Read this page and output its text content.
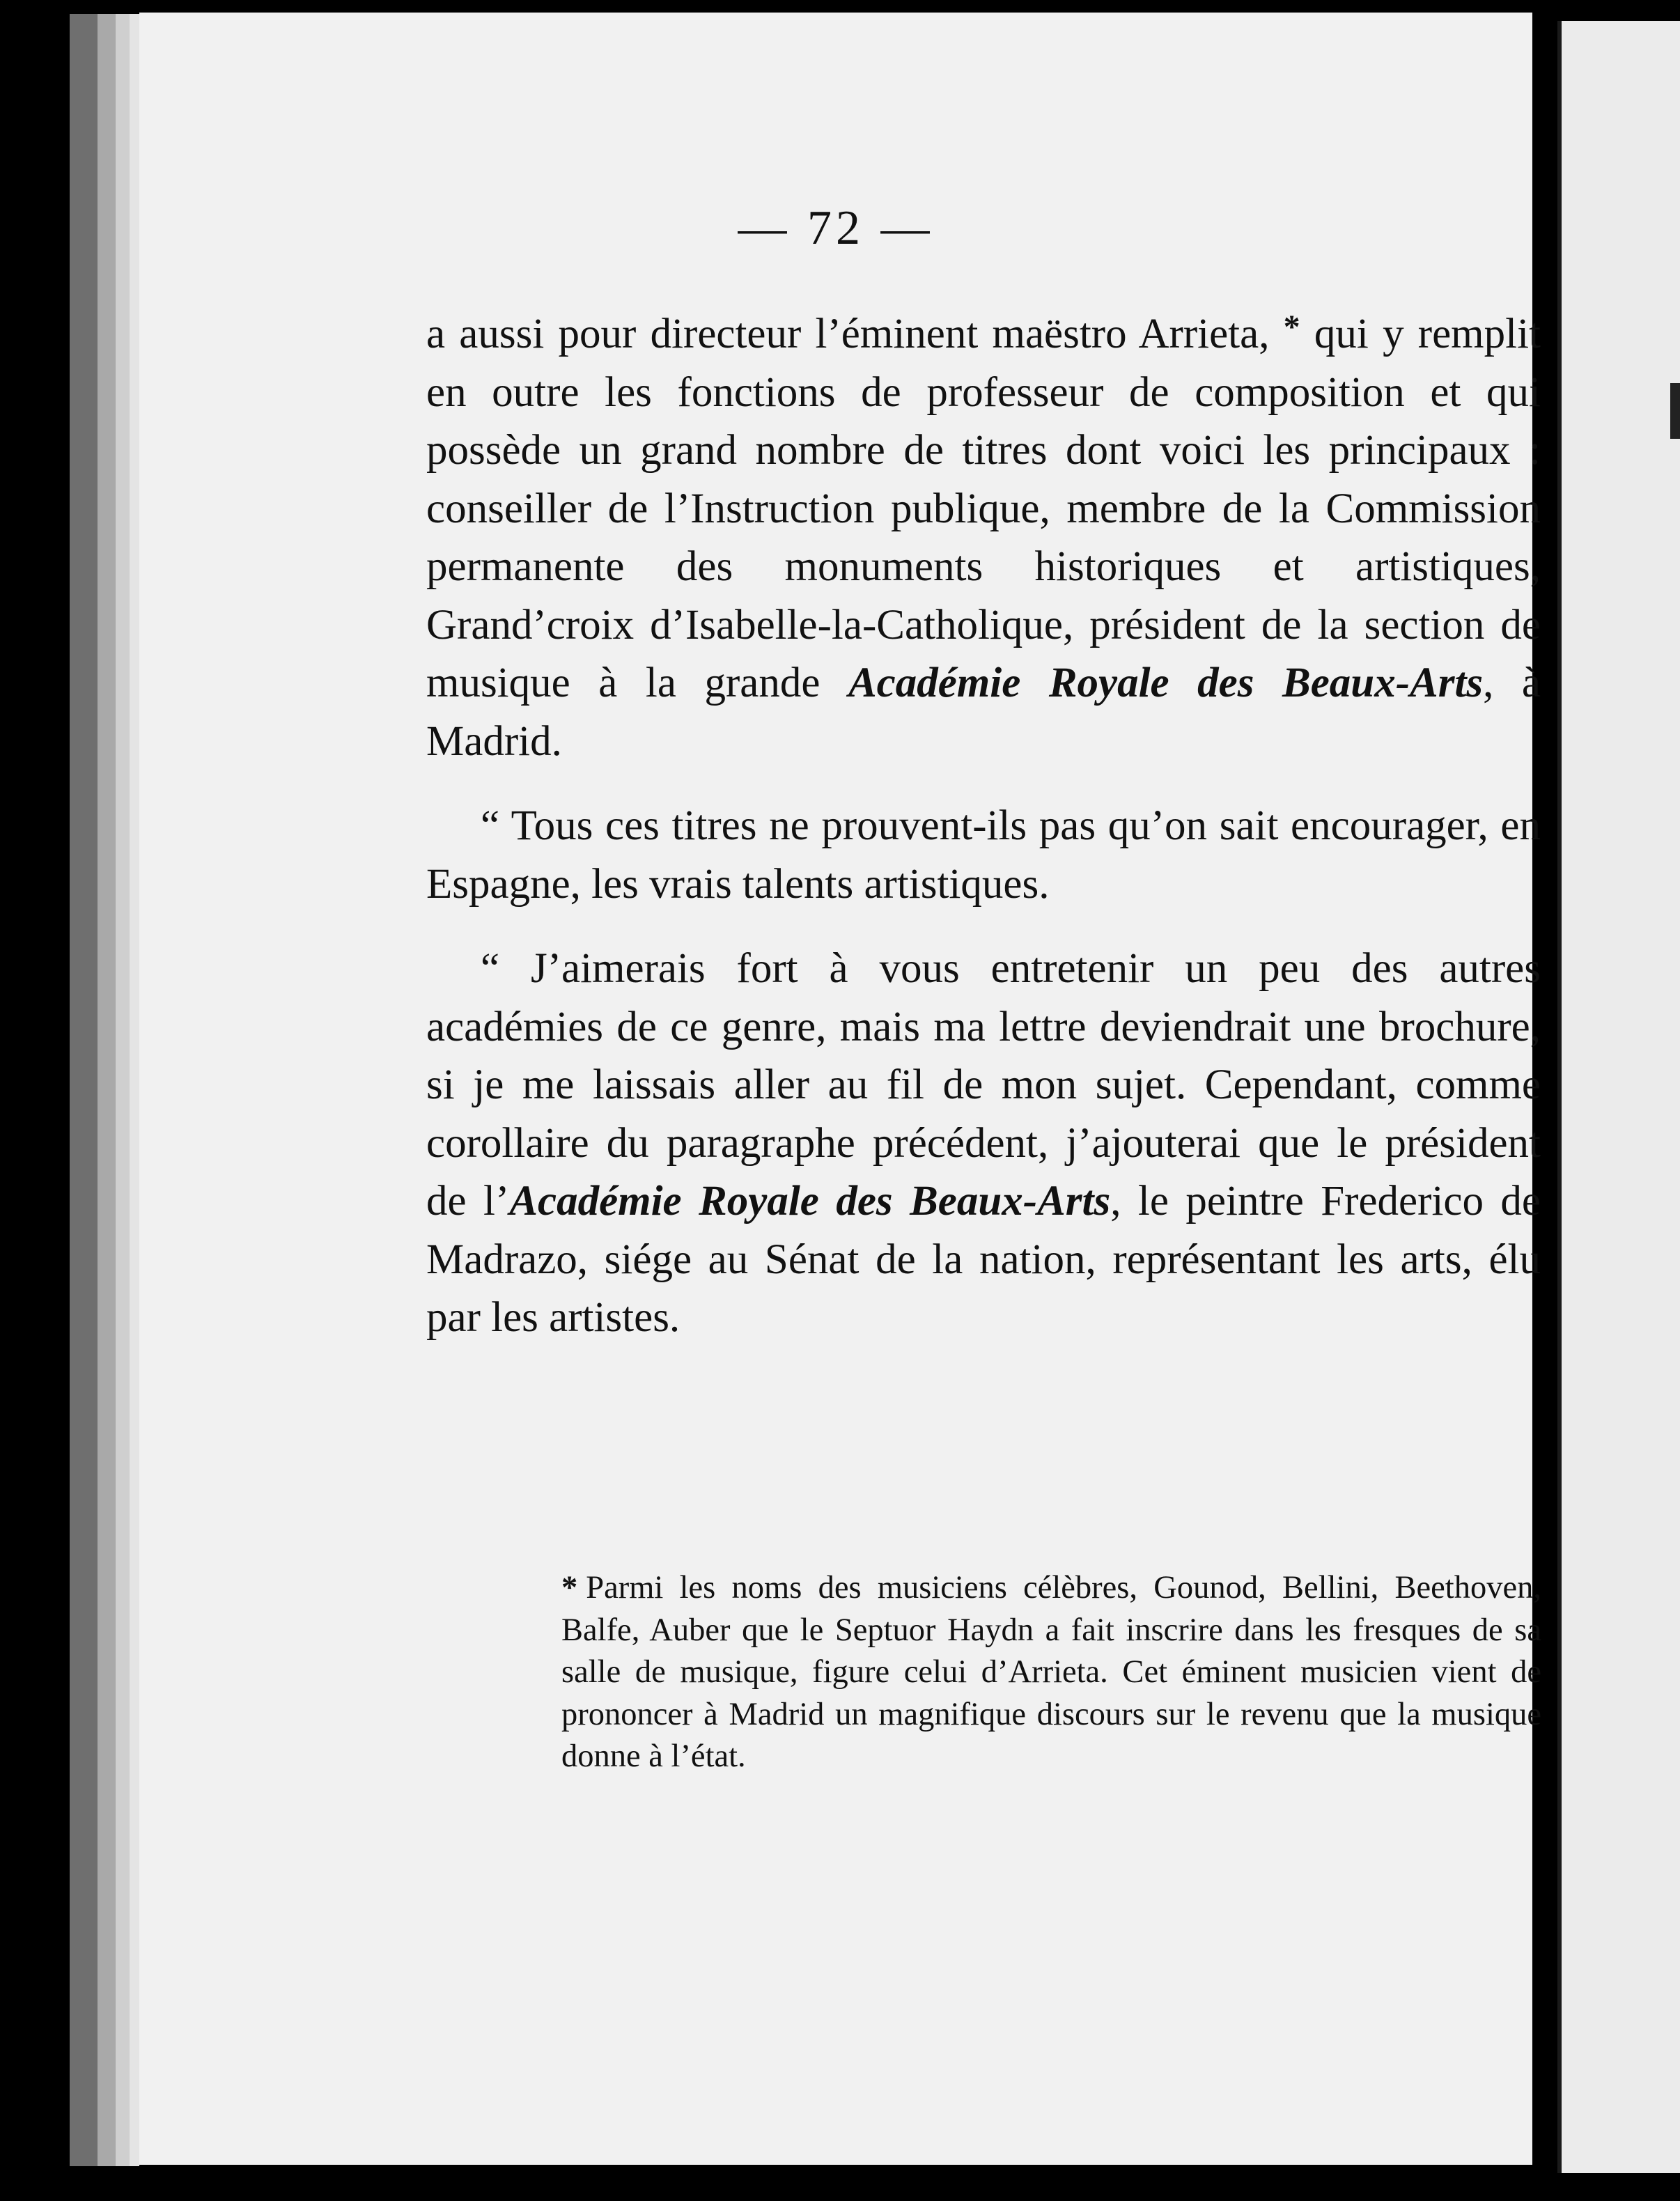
— 72 —

a aussi pour directeur l’éminent maëstro Arrieta, * qui y remplit en outre les fonctions de professeur de composition et qui possède un grand nombre de titres dont voici les principaux : conseiller de l’Instruction publique, membre de la Commission permanente des monuments historiques et artistiques, Grand’croix d’Isabelle-la-Catholique, président de la section de musique à la grande Académie Royale des Beaux-Arts, à Madrid.

“ Tous ces titres ne prouvent-ils pas qu’on sait encourager, en Espagne, les vrais talents artistiques.

“ J’aimerais fort à vous entretenir un peu des autres académies de ce genre, mais ma lettre deviendrait une brochure, si je me laissais aller au fil de mon sujet. Cependant, comme corollaire du paragraphe précédent, j’ajouterai que le président de l’Académie Royale des Beaux-Arts, le peintre Frederico de Madrazo, siége au Sénat de la nation, représentant les arts, élu par les artistes.

* Parmi les noms des musiciens célèbres, Gounod, Bellini, Beethoven, Balfe, Auber que le Septuor Haydn a fait inscrire dans les fresques de sa salle de musique, figure celui d’Arrieta. Cet éminent musicien vient de prononcer à Madrid un magnifique discours sur le revenu que la musique donne à l’état.
